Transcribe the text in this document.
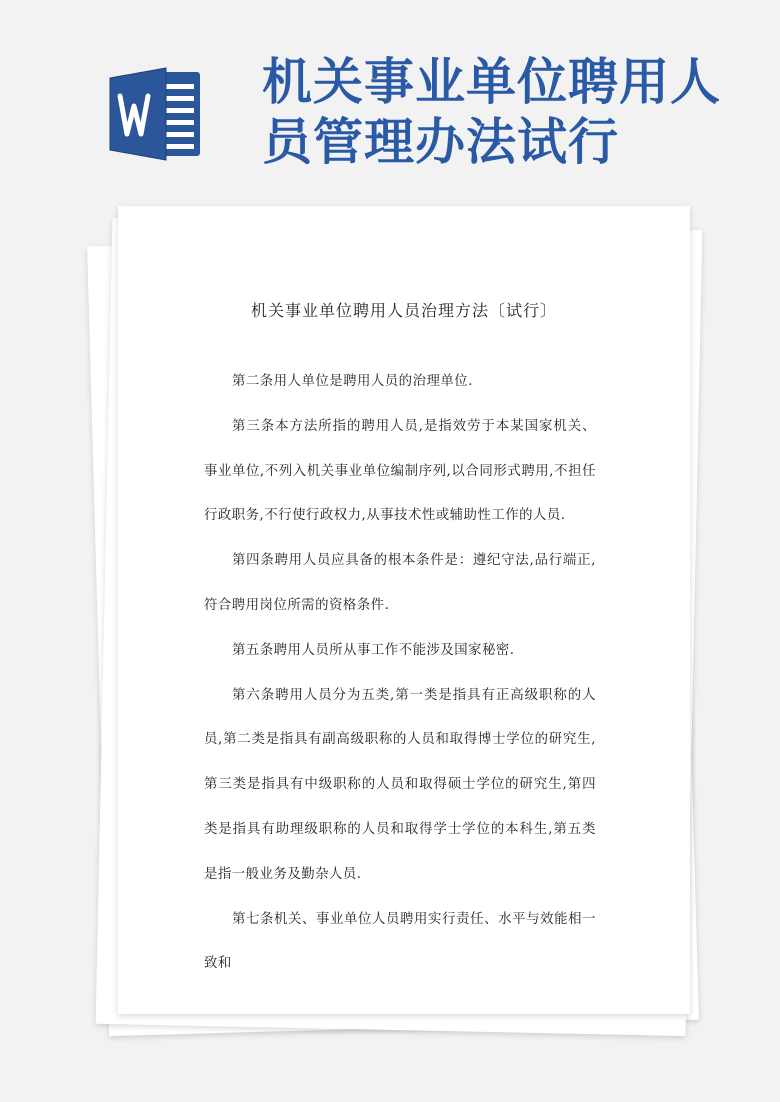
机关事业单位聘用人员管理办法试行
机关事业单位聘用人员治理方法〔试行〕

第二条用人单位是聘用人员的治理单位.

第三条本方法所指的聘用人员,是指效劳于本某国家机关、事业单位,不列入机关事业单位编制序列,以合同形式聘用,不担任行政职务,不行使行政权力,从事技术性或辅助性工作的人员.

第四条聘用人员应具备的根本条件是：遵纪守法,品行端正,符合聘用岗位所需的资格条件.

第五条聘用人员所从事工作不能涉及国家秘密.

第六条聘用人员分为五类,第一类是指具有正高级职称的人员,第二类是指具有副高级职称的人员和取得博士学位的研究生,第三类是指具有中级职称的人员和取得硕士学位的研究生,第四类是指具有助理级职称的人员和取得学士学位的本科生,第五类是指一般业务及勤杂人员.

第七条机关、事业单位人员聘用实行责任、水平与效能相一致和
